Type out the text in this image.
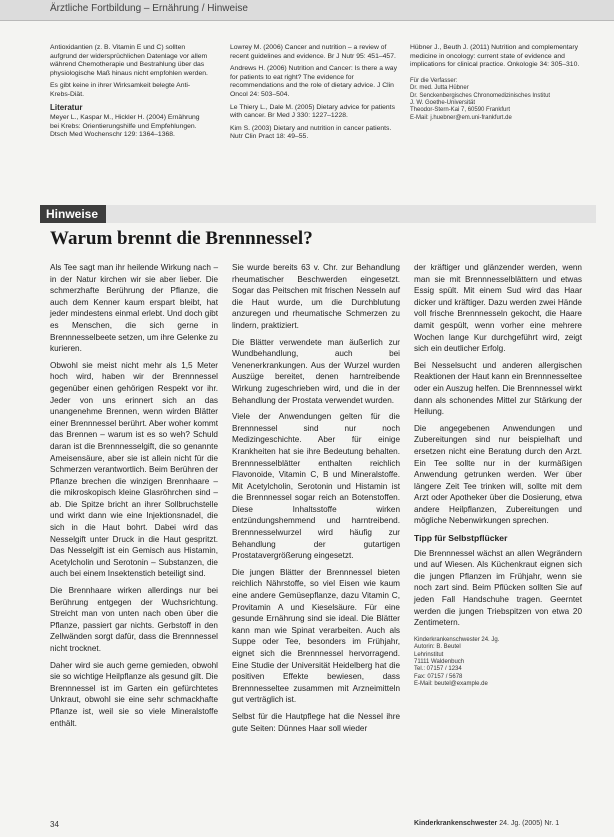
Ärztliche Fortbildung – Ernährung / Hinweise

Antioxidantien (z. B. Vitamin E und C) sollten aufgrund der widersprüchlichen Datenlage vor allem während Chemotherapie und Bestrahlung über das physiologische Maß hinaus nicht empfohlen werden.

Es gibt keine in ihrer Wirksamkeit belegte Anti-Krebs-Diät.

Literatur

Meyer L., Kaspar M., Hickler H. (2004) Ernährung bei Krebs: Orientierungshilfe und Empfehlungen. Dtsch Med Wochenschr 129: 1364–1368.

Lowrey M. (2006) Cancer and nutrition – a review of recent guidelines and evidence. Br J Nutr 95: 451–457.

Andrews H. (2006) Nutrition and Cancer: Is there a way for patients to eat right? The evidence for recommendations and the role of dietary advice. J Clin Oncol 24: 503–504.

Le Thiery L., Dale M. (2005) Dietary advice for patients with cancer. Br Med J 330: 1227–1228.

Kim S. (2003) Dietary and nutrition in cancer patients. Nutr Clin Pract 18: 49–55.

Hübner J., Beuth J. (2011) Nutrition and complementary medicine in oncology: current state of evidence and implications for clinical practice. Onkologie 34: 305–310.

Für die Verfasser:
Dr. med. Jutta Hübner
Dr. Senckenbergisches Chronomedizinisches Institut
J. W. Goethe-Universität
Theodor-Stern-Kai 7, 60590 Frankfurt
E-Mail: j.huebner@em.uni-frankfurt.de
Hinweise
Warum brennt die Brennnessel?

Als Tee sagt man ihr heilende Wirkung nach – in der Natur kirchen wir sie aber lieber. Die schmerzhafte Berührung der Pflanze, die auch dem Kenner kaum erspart bleibt, hat jeder mindestens einmal erlebt. Und doch gibt es Menschen, die sich gerne in Brennnesselbeete setzen, um ihre Gelenke zu kurieren.

Obwohl sie meist nicht mehr als 1,5 Meter hoch wird, haben wir der Brennnessel gegenüber einen gehörigen Respekt vor ihr. Jeder von uns erinnert sich an das unangenehme Brennen, wenn wirden Blätter einer Brennnessel berührt. Aber woher kommt das Brennen – warum ist es so weh? Schuld daran ist die Brennnesselgift, die so genannte Ameisensäure, aber sie ist allein nicht für die Schmerzen verantwortlich. Beim Berühren der Pflanze brechen die winzigen Brennhaare – die mikroskopisch kleine Glasröhrchen sind – ab. Die Spitze bricht an ihrer Sollbruchstelle und wirkt dann wie eine Injektionsnadel, die sich in die Haut bohrt. Dabei wird das Nesselgift unter Druck in die Haut gespritzt. Das Nesselgift ist ein Gemisch aus Histamin, Acetylcholin und Serotonin – Substanzen, die auch bei einem Insektenstich beteiligt sind.

Die Brennhaare wirken allerdings nur bei Berührung entgegen der Wuchsrichtung. Streicht man von unten nach oben über die Pflanze, passiert gar nichts. Gerbstoff in den Zellwänden sorgt dafür, dass die Brennnessel nicht trocknet.

Daher wird sie auch gerne gemieden, obwohl sie so wichtige Heilpflanze als gesund gilt. Die Brennnessel ist im Garten ein gefürchtetes Unkraut, obwohl sie eine sehr schmackhafte Pflanze ist, weil sie so viele Mineralstoffe enthält.

Sie wurde bereits 63 v. Chr. zur Behandlung rheumatischer Beschwerden eingesetzt. Sogar das Peitschen mit frischen Nesseln auf die Haut wurde, um die Durchblutung anzuregen und rheumatische Schmerzen zu lindern, praktiziert.

Die Blätter verwendete man äußerlich zur Wundbehandlung, auch bei Venenerkrankungen. Aus der Wurzel wurden Auszüge bereitet, denen harntreibende Wirkung zugeschrieben wird, und die in der Behandlung der Prostata verwendet wurden.

Viele der Anwendungen gelten für die Brennnessel sind nur noch Medizingeschichte. Aber für einige Krankheiten hat sie ihre Bedeutung behalten. Brennnesselblätter enthalten reichlich Flavonoide, Vitamin C, B und Mineralstoffe. Mit Acetylcholin, Serotonin und Histamin ist die Brennnessel sogar reich an Botenstoffen. Diese Inhaltsstoffe wirken entzündungshemmend und harntreibend. Brennnesselwurzel wird häufig zur Behandlung der gutartigen Prostatavergrößerung eingesetzt.

Die jungen Blätter der Brennnessel bieten reichlich Nährstoffe, so viel Eisen wie kaum eine andere Gemüsepflanze, dazu Vitamin C, Provitamin A und Kieselsäure. Für eine gesunde Ernährung sind sie ideal. Die Blätter kann man wie Spinat verarbeiten. Auch als Suppe oder Tee, besonders im Frühjahr, eignet sich die Brennnessel hervorragend. Eine Studie der Universität Heidelberg hat die positiven Effekte bewiesen, dass Brennnesseltee zusammen mit Arzneimitteln gut verträglich ist.

Selbst für die Hautpflege hat die Nessel ihre gute Seiten: Dünnes Haar soll wieder

der kräftiger und glänzender werden, wenn man sie mit Brennnesselblättern und etwas Essig spült. Mit einem Sud wird das Haar dicker und kräftiger. Dazu werden zwei Hände voll frische Brennnesseln gekocht, die Haare damit gespült, wenn vorher eine mehrere Wochen lange Kur durchgeführt wird, zeigt sich ein deutlicher Erfolg.

Bei Nesselsucht und anderen allergischen Reaktionen der Haut kann ein Brennnesseltee oder ein Auszug helfen. Die Brennnessel wirkt dann als schonendes Mittel zur Stärkung der Heilung.

Die angegebenen Anwendungen und Zubereitungen sind nur beispielhaft und ersetzen nicht eine Beratung durch den Arzt. Ein Tee sollte nur in der kurmäßigen Anwendung getrunken werden. Wer über längere Zeit Tee trinken will, sollte mit dem Arzt oder Apotheker über die Dosierung, etwa andere Heilpflanzen, Zubereitungen und mögliche Nebenwirkungen sprechen.

Tipp für Selbstpflücker

Die Brennnessel wächst an allen Wegrändern und auf Wiesen. Als Küchenkraut eignen sich die jungen Pflanzen im Frühjahr, wenn sie noch zart sind. Beim Pflücken sollten Sie auf jeden Fall Handschuhe tragen. Geerntet werden die jungen Triebspitzen von etwa 20 Zentimetern.

Kinderkrankenschwester 24. Jg.
Autorin: B. Beutel
Lehrinstitut
71111 Waldenbuch
Tel.: 07157 / 1234
Fax: 07157 / 5678
E-Mail: beutel@example.de
34	Kinderkrankenschwester 24. Jg. (2005) Nr. 1
